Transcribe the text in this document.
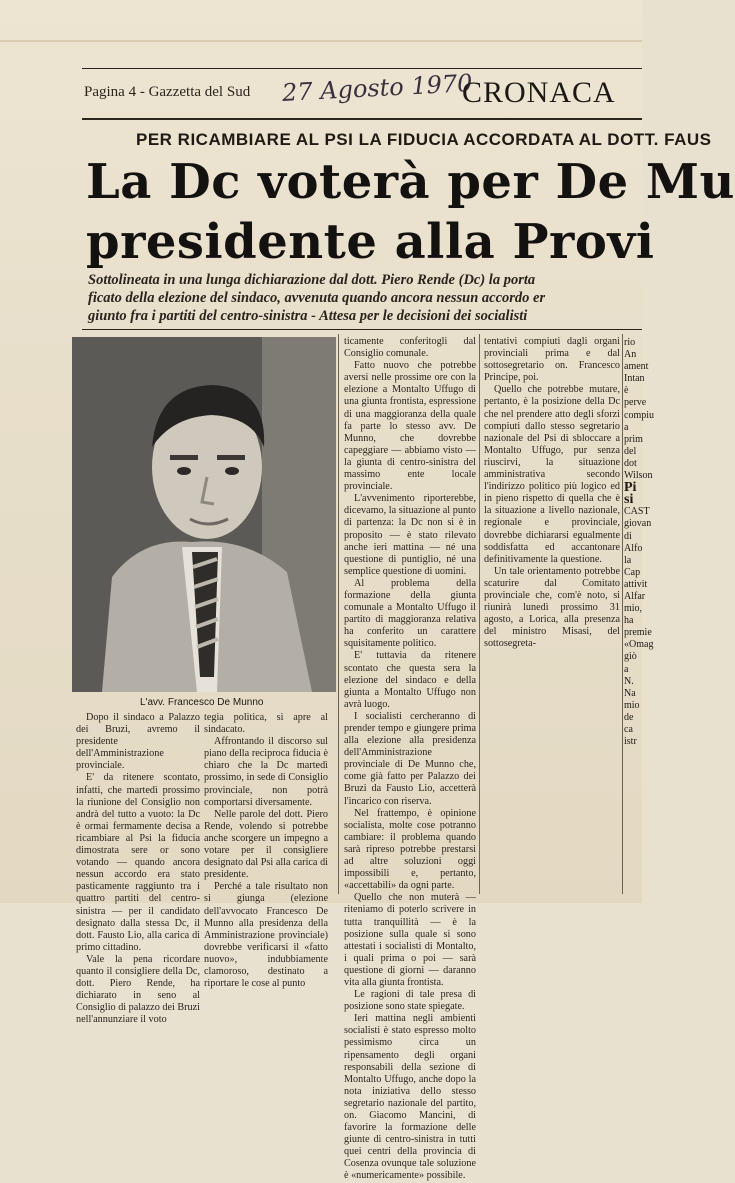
Pagina 4 - Gazzetta del Sud 27 Agosto 1970
CRONACA
PER RICAMBIARE AL PSI LA FIDUCIA ACCORDATA AL DOTT. FAUS
La Dc voterà per De Mu
presidente alla Provi
Sottolineata in una lunga dichiarazione dal dott. Piero Rende (Dc) la porta
ficato della elezione del sindaco, avvenuta quando ancora nessun accordo er
giunto fra i partiti del centro-sinistra - Attesa per le decisioni dei socialisti
L'avv. Francesco De Munno

Dopo il sindaco a Palazzo dei Bruzi, avremo il presidente dell'Amministrazione provinciale.

E' da ritenere scontato, infatti, che martedì prossimo la riunione del Consiglio non andrà del tutto a vuoto: la Dc è ormai fermamente decisa a ricambiare al Psi la fiducia dimostrata sere or sono votando — quando ancora nessun accordo era stato pasticamente raggiunto tra i quattro partiti del centro-sinistra — per il candidato designato dalla stessa Dc, il dott. Fausto Lio, alla carica di primo cittadino.

Vale la pena ricordare quanto il consigliere della Dc, dott. Piero Rende, ha dichiarato in seno al Consiglio di palazzo dei Bruzi nell'annunziare il voto

tegia politica, si apre al sindacato.

Affrontando il discorso sul piano della reciproca fiducia è chiaro che la Dc martedì prossimo, in sede di Consiglio provinciale, non potrà comportarsi diversamente.

Nelle parole del dott. Piero Rende, volendo si potrebbe anche scorgere un impegno a votare per il consigliere designato dal Psi alla carica di presidente.

Perché a tale risultato non si giunga (elezione dell'avvocato Francesco De Munno alla presidenza della Amministrazione provinciale) dovrebbe verificarsi il «fatto nuovo», indubbiamente clamoroso, destinato a riportare le cose al punto

ticamente conferitogli dal Consiglio comunale.

Fatto nuovo che potrebbe aversi nelle prossime ore con la elezione a Montalto Uffugo di una giunta frontista, espressione di una maggioranza della quale fa parte lo stesso avv. De Munno, che dovrebbe capeggiare — abbiamo visto — la giunta di centro-sinistra del massimo ente locale provinciale.

L'avvenimento riporterebbe, dicevamo, la situazione al punto di partenza: la Dc non si è in proposito — è stato rilevato anche ieri mattina — né una questione di puntiglio, né una semplice questione di uomini.

Al problema della formazione della giunta comunale a Montalto Uffugo il partito di maggioranza relativa ha conferito un carattere squisitamente politico.

E' tuttavia da ritenere scontato che questa sera la elezione del sindaco e della giunta a Montalto Uffugo non avrà luogo.

I socialisti cercheranno di prender tempo e giungere prima alla elezione alla presidenza dell'Amministrazione provinciale di De Munno che, come già fatto per Palazzo dei Bruzi da Fausto Lio, accetterà l'incarico con riserva.

Nel frattempo, è opinione socialista, molte cose potranno cambiare: il problema quando sarà ripreso potrebbe prestarsi ad altre soluzioni oggi impossibili e, pertanto, «accettabili» da ogni parte.

Quello che non muterà — riteniamo di poterlo scrivere in tutta tranquillità — è la posizione sulla quale si sono attestati i socialisti di Montalto, i quali prima o poi — sarà questione di giorni — daranno vita alla giunta frontista.

Le ragioni di tale presa di posizione sono state spiegate.

Ieri mattina negli ambienti socialisti è stato espresso molto pessimismo circa un ripensamento degli organi responsabili della sezione di Montalto Uffugo, anche dopo la nota iniziativa dello stesso segretario nazionale del partito, on. Giacomo Mancini, di favorire la formazione delle giunte di centro-sinistra in tutti quei centri della provincia di Cosenza ovunque tale soluzione è «numericamente» possibile.

tentativi compiuti dagli organi provinciali prima e dal sottosegretario on. Francesco Principe, poi.

Quello che potrebbe mutare, pertanto, è la posizione della Dc che nel prendere atto degli sforzi compiuti dallo stesso segretario nazionale del Psi di sbloccare a Montalto Uffugo, pur senza riuscirvi, la situazione amministrativa secondo l'indirizzo politico più logico ed in pieno rispetto di quella che è la situazione a livello nazionale, regionale e provinciale, dovrebbe dichiararsi egualmente soddisfatta ed accantonare definitivamente la questione.

Un tale orientamento potrebbe scaturire dal Comitato provinciale che, com'è noto, si riunirà lunedì prossimo 31 agosto, a Lorica, alla presenza del ministro Misasi, del sottosegreta-

rio An
ament
Intan
è perve
compiu
a prim
del dot
Wilson
Pi
si
CAST
giovan
di Alfo
la Cap
attivit
Alfar
mio, ha
premie
«Omag
giò a
N. Na
mio de
ca istr
